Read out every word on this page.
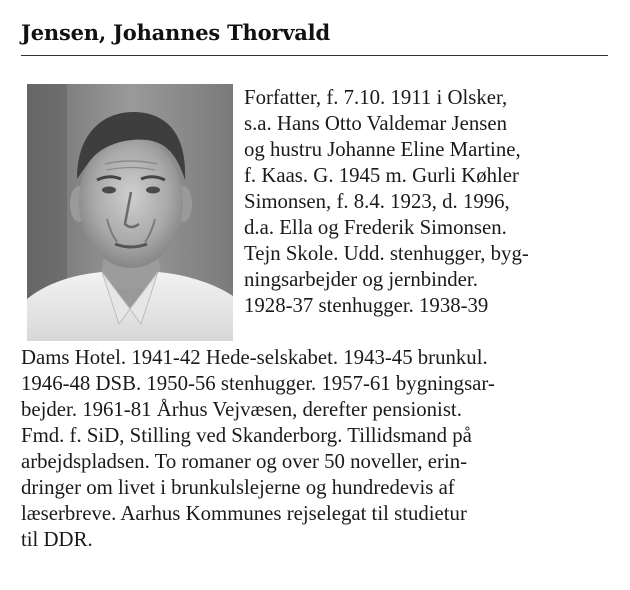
Jensen, Johannes Thorvald
Forfatter, f. 7.10. 1911 i Olsker,
s.a. Hans Otto Valdemar Jensen
og hustru Johanne Eline Martine,
f. Kaas. G. 1945 m. Gurli Køhler
Simonsen, f. 8.4. 1923, d. 1996,
d.a. Ella og Frederik Simonsen.
Tejn Skole. Udd. stenhugger, byg-
ningsarbejder og jernbinder.
1928-37 stenhugger. 1938-39
Dams Hotel. 1941-42 Hede-selskabet. 1943-45 brunkul.
1946-48 DSB. 1950-56 stenhugger. 1957-61 bygningsar-
bejder. 1961-81 Århus Vejvæsen, derefter pensionist.
Fmd. f. SiD, Stilling ved Skanderborg. Tillidsmand på
arbejdspladsen. To romaner og over 50 noveller, erin-
dringer om livet i brunkulslejerne og hundredevis af
læserbreve. Aarhus Kommunes rejselegat til studietur
til DDR.
